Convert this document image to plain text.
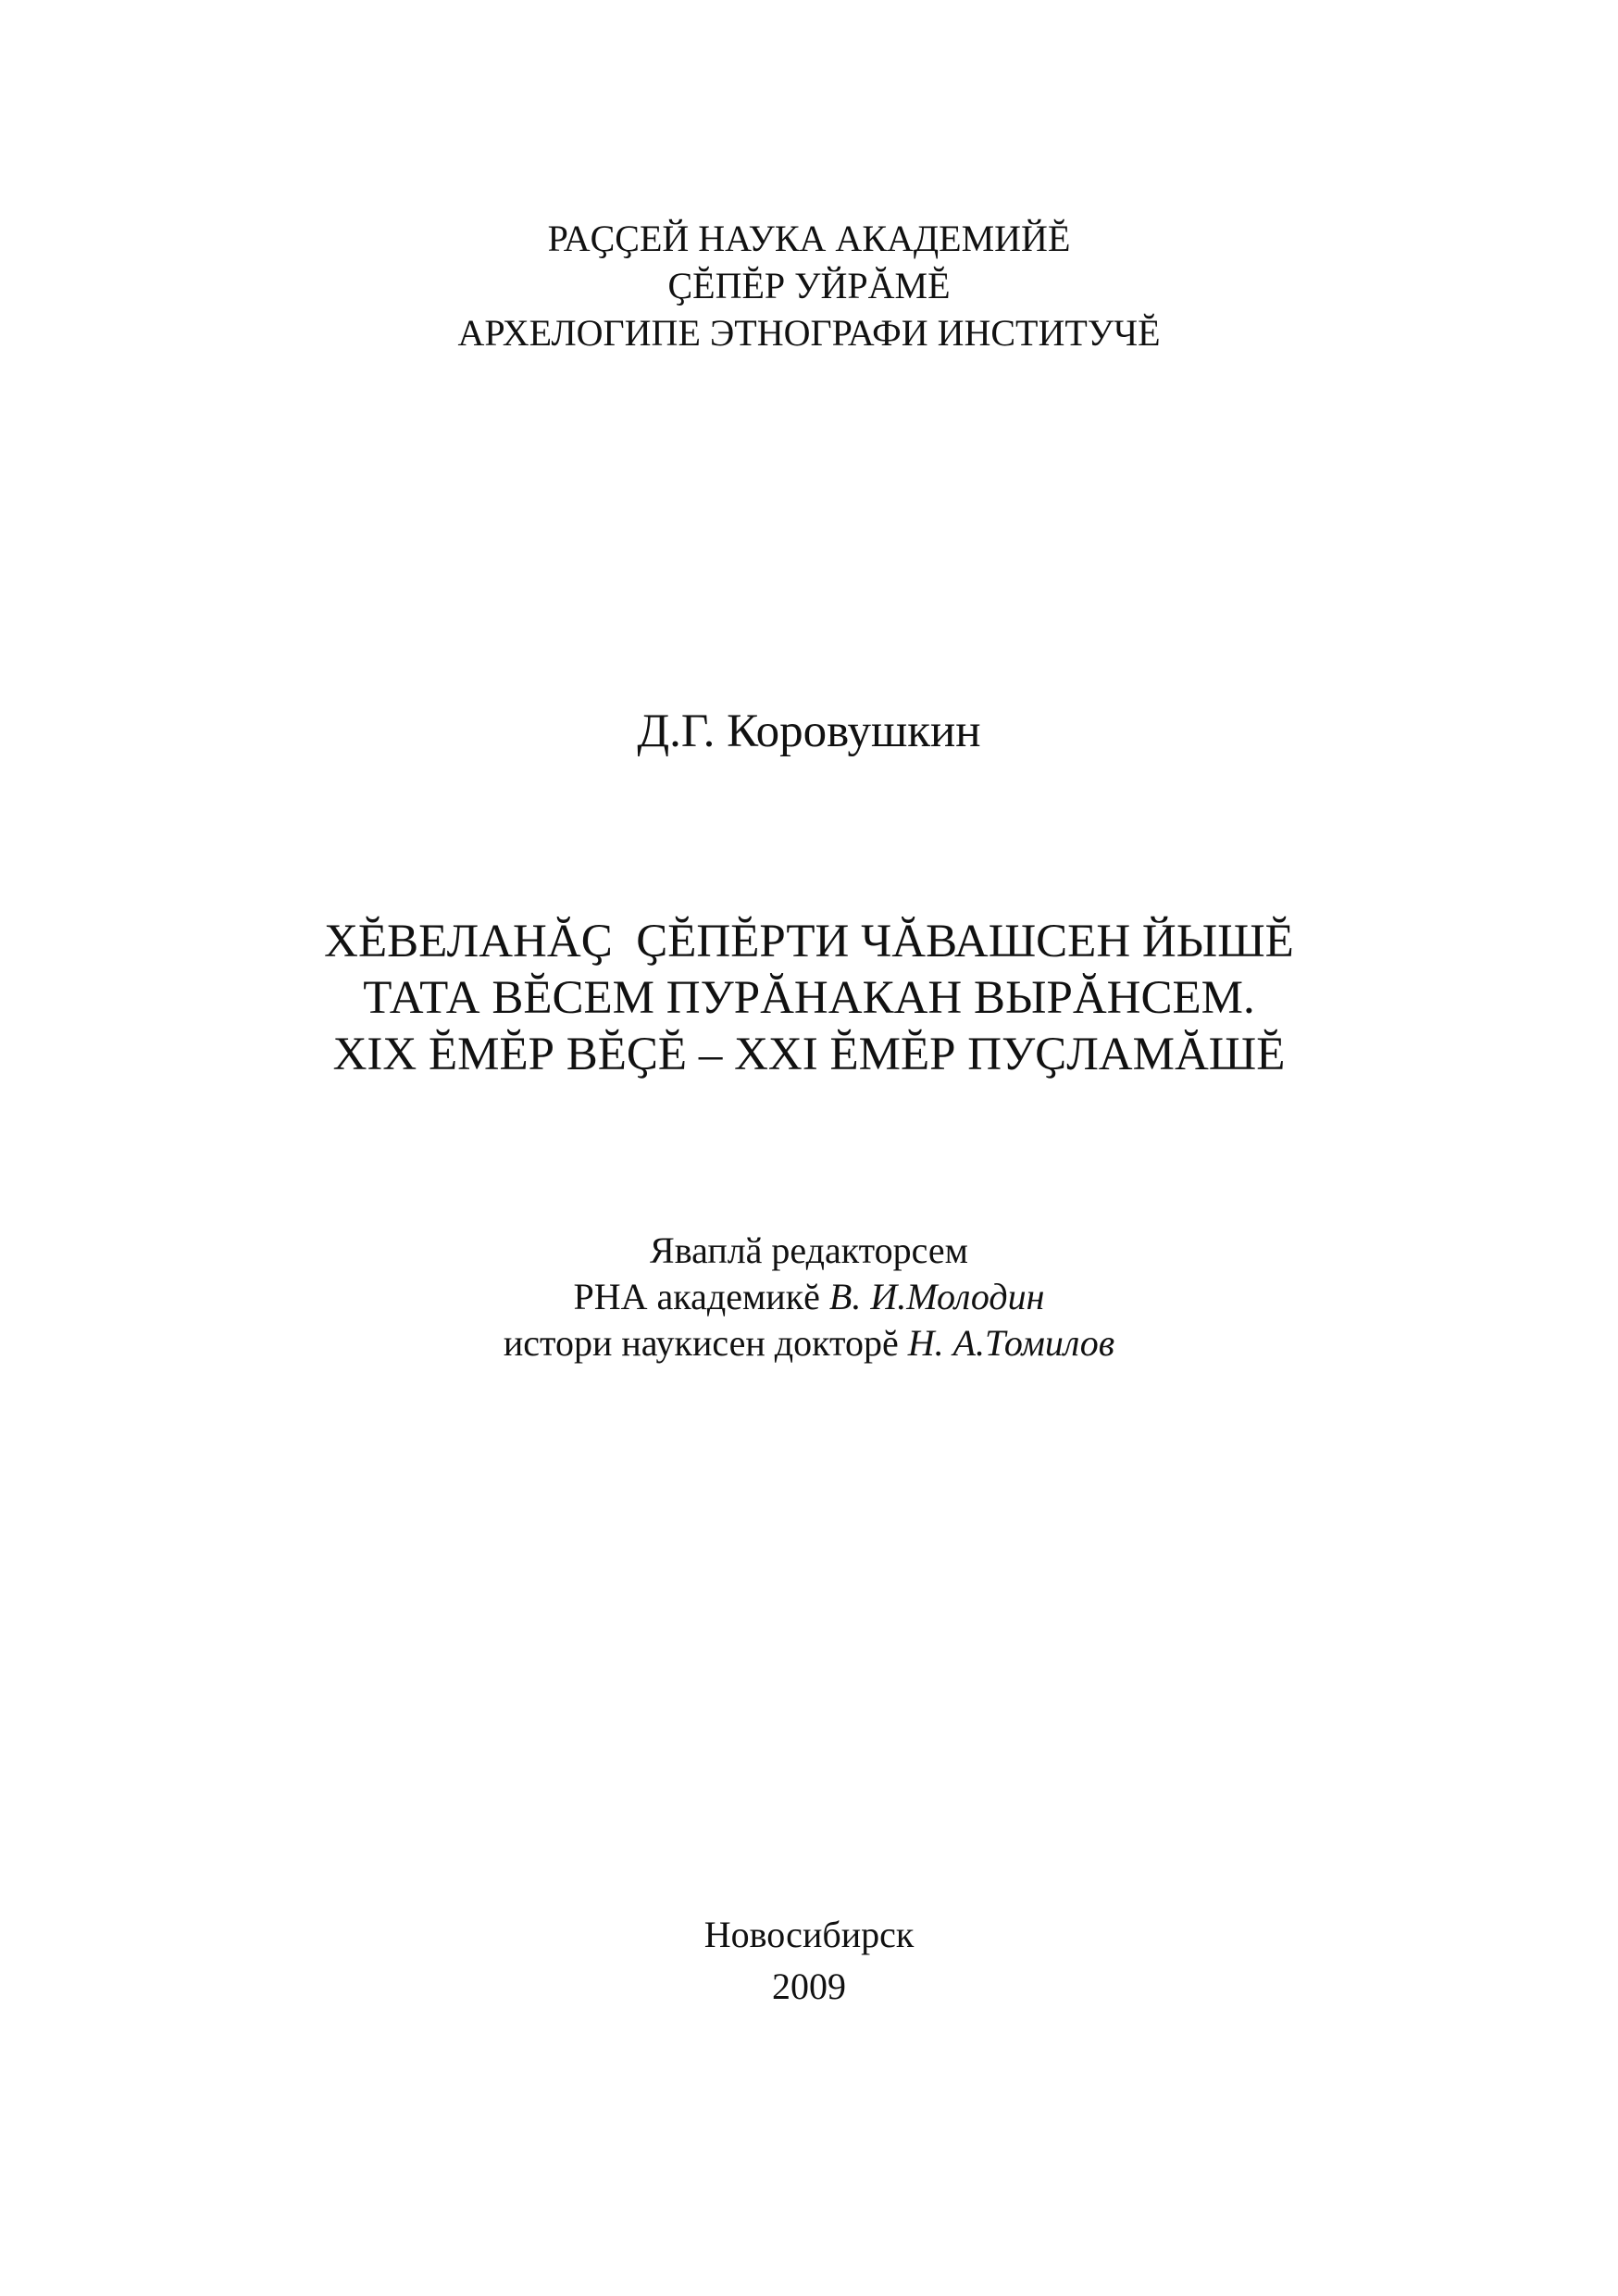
РАҪҪЕЙ НАУКА АКАДЕМИЙĔ
ҪĔПĔР УЙРĂМĔ
АРХЕЛОГИПЕ ЭТНОГРАФИ ИНСТИТУЧĔ
Д.Г. Коровушкин
ХĔВЕЛАНĂҪ  ҪĔПĔРТИ ЧĂВАШСЕН ЙЫШĔ
ТАТА ВĔСЕМ ПУРĂНАКАН ВЫРĂНСЕМ.
XIX ĔМĔР ВĔҪĔ – XXI ĔМĔР ПУҪЛАМĂШĔ
Яваплӑ редакторсем
РНА академикĕ В. И.Молодин
истори наукисен докторĕ Н. А.Томилов
Новосибирск
2009
